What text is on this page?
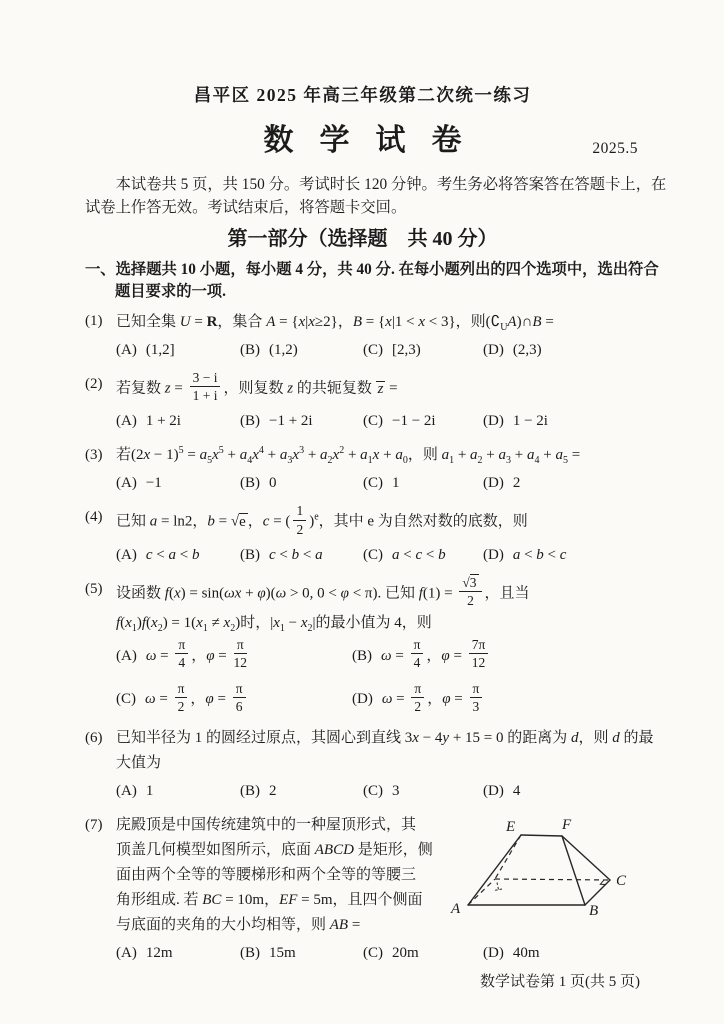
昌平区 2025 年高三年级第二次统一练习
数学试卷	2025.5
本试卷共 5 页，共 150 分。考试时长 120 分钟。考生务必将答案答在答题卡上，在
试卷上作答无效。考试结束后，将答题卡交回。
第一部分（选择题　共 40 分）
一、选择题共 10 小题，每小题 4 分，共 40 分. 在每小题列出的四个选项中，选出符合
题目要求的一项.
(1) 已知全集 U = R，集合 A = {x|x≥2}，B = {x|1 < x < 3}，则$(∁_UA)\cap B$ =
(A) (1,2]	(B) (1,2)	(C) [2,3)	(D) (2,3)
(2) 若复数 $z = \frac{3 - i}{1 + i}$ ，则复数 z 的共轭复数 z =
(A) 1 + 2i	(B) −1 + 2i	(C) −1 − 2i	(D) 1 − 2i
(3) 若$(2x - 1)^5 = a_5x^5 + a_4x^4 + a_3x^3 + a_2x^2 + a_1x + a_0$，则 $a_1 + a_2 + a_3 + a_4 + a_5$ =
(A) −1	(B) 0	(C) 1	(D) 2
(4) 已知 a = ln2，b = √e ，c = ( $\frac{1}{2} )^e$，其中 e 为自然对数的底数，则
(A) c < a < b	(B) c < b < a	(C) a < c < b	(D) a < b < c
(5) 设函数 f(x) = sin(ωx + φ)(ω > 0, 0 < φ < π). 已知 $f(1) = \frac{√3}{2}$ ，且当
$f(x_1)f(x_2) = 1(x_1 \ne x_2)$时，$|x_1 - x_2|$的最小值为 4，则
(A) $\omega = \frac{\pi}{4}$ ，$\varphi = \frac{\pi}{12}$	(B) $\omega = \frac{\pi}{4}$ ，$\varphi = \frac{7\pi}{12}$
(C) $\omega = \frac{\pi}{2}$ ，$\varphi = \frac{\pi}{6}$	(D) $\omega = \frac{\pi}{2}$ ，$\varphi = \frac{\pi}{3}$
(6) 已知半径为 1 的圆经过原点，其圆心到直线 3x − 4y + 15 = 0 的距离为 d，则 d 的最
大值为
(A) 1	(B) 2	(C) 3	(D) 4
(7) 庑殿顶是中国传统建筑中的一种屋顶形式，其
顶盖几何模型如图所示，底面 ABCD 是矩形，侧
面由两个全等的等腰梯形和两个全等的等腰三
角形组成. 若 BC = 10m，EF = 5m，且四个侧面
与底面的夹角的大小均相等，则 AB =
E	F
A	B
C
(A) 12m	(B) 15m	(C) 20m	(D) 40m
数学试卷第 1 页(共 5 页)
